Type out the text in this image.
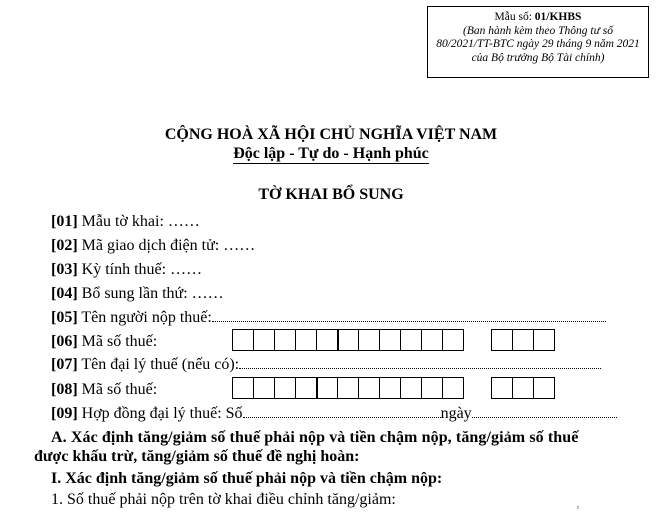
Mẫu số: 01/KHBS
(Ban hành kèm theo Thông tư số
80/2021/TT-BTC ngày 29 tháng 9 năm 2021
của Bộ trưởng Bộ Tài chính)
CỘNG HOÀ XÃ HỘI CHỦ NGHĨA VIỆT NAM
Độc lập - Tự do - Hạnh phúc
TỜ KHAI BỔ SUNG
[01] Mẫu tờ khai: ……
[02] Mã giao dịch điện tử: ……
[03] Kỳ tính thuế: ……
[04] Bổ sung lần thứ: ……
[05] Tên người nộp thuế:
[06] Mã số thuế:
[07] Tên đại lý thuế (nếu có):
[08] Mã số thuế:
[09] Hợp đồng đại lý thuế: Số	ngày
A. Xác định tăng/giảm số thuế phải nộp và tiền chậm nộp, tăng/giảm số thuế
được khấu trừ, tăng/giảm số thuế đề nghị hoàn:
I. Xác định tăng/giảm số thuế phải nộp và tiền chậm nộp:
1. Số thuế phải nộp trên tờ khai điều chỉnh tăng/giảm:
²
